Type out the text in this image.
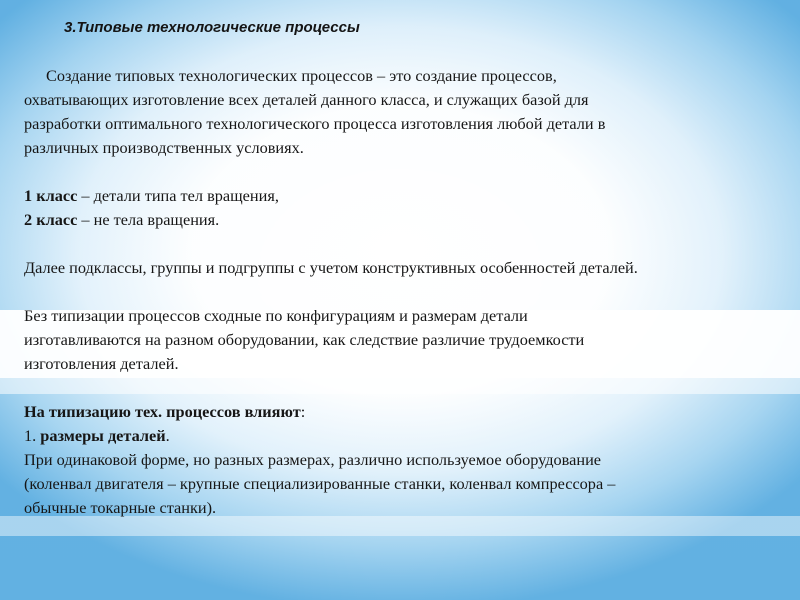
3.Типовые технологические процессы

Создание типовых технологических процессов – это создание процессов,

охватывающих изготовление всех деталей данного класса, и служащих базой для

разработки оптимального технологического процесса изготовления любой детали в

различных производственных условиях.

1 класс – детали типа тел вращения,

2 класс – не тела вращения.

Далее подклассы, группы и подгруппы с учетом конструктивных особенностей деталей.

Без типизации процессов сходные по конфигурациям и размерам детали

изготавливаются на разном оборудовании, как следствие различие трудоемкости

изготовления деталей.

На типизацию тех. процессов влияют:

1. размеры деталей.

При одинаковой форме, но разных размерах, различно используемое оборудование

(коленвал двигателя – крупные специализированные станки, коленвал компрессора –

обычные токарные станки).
